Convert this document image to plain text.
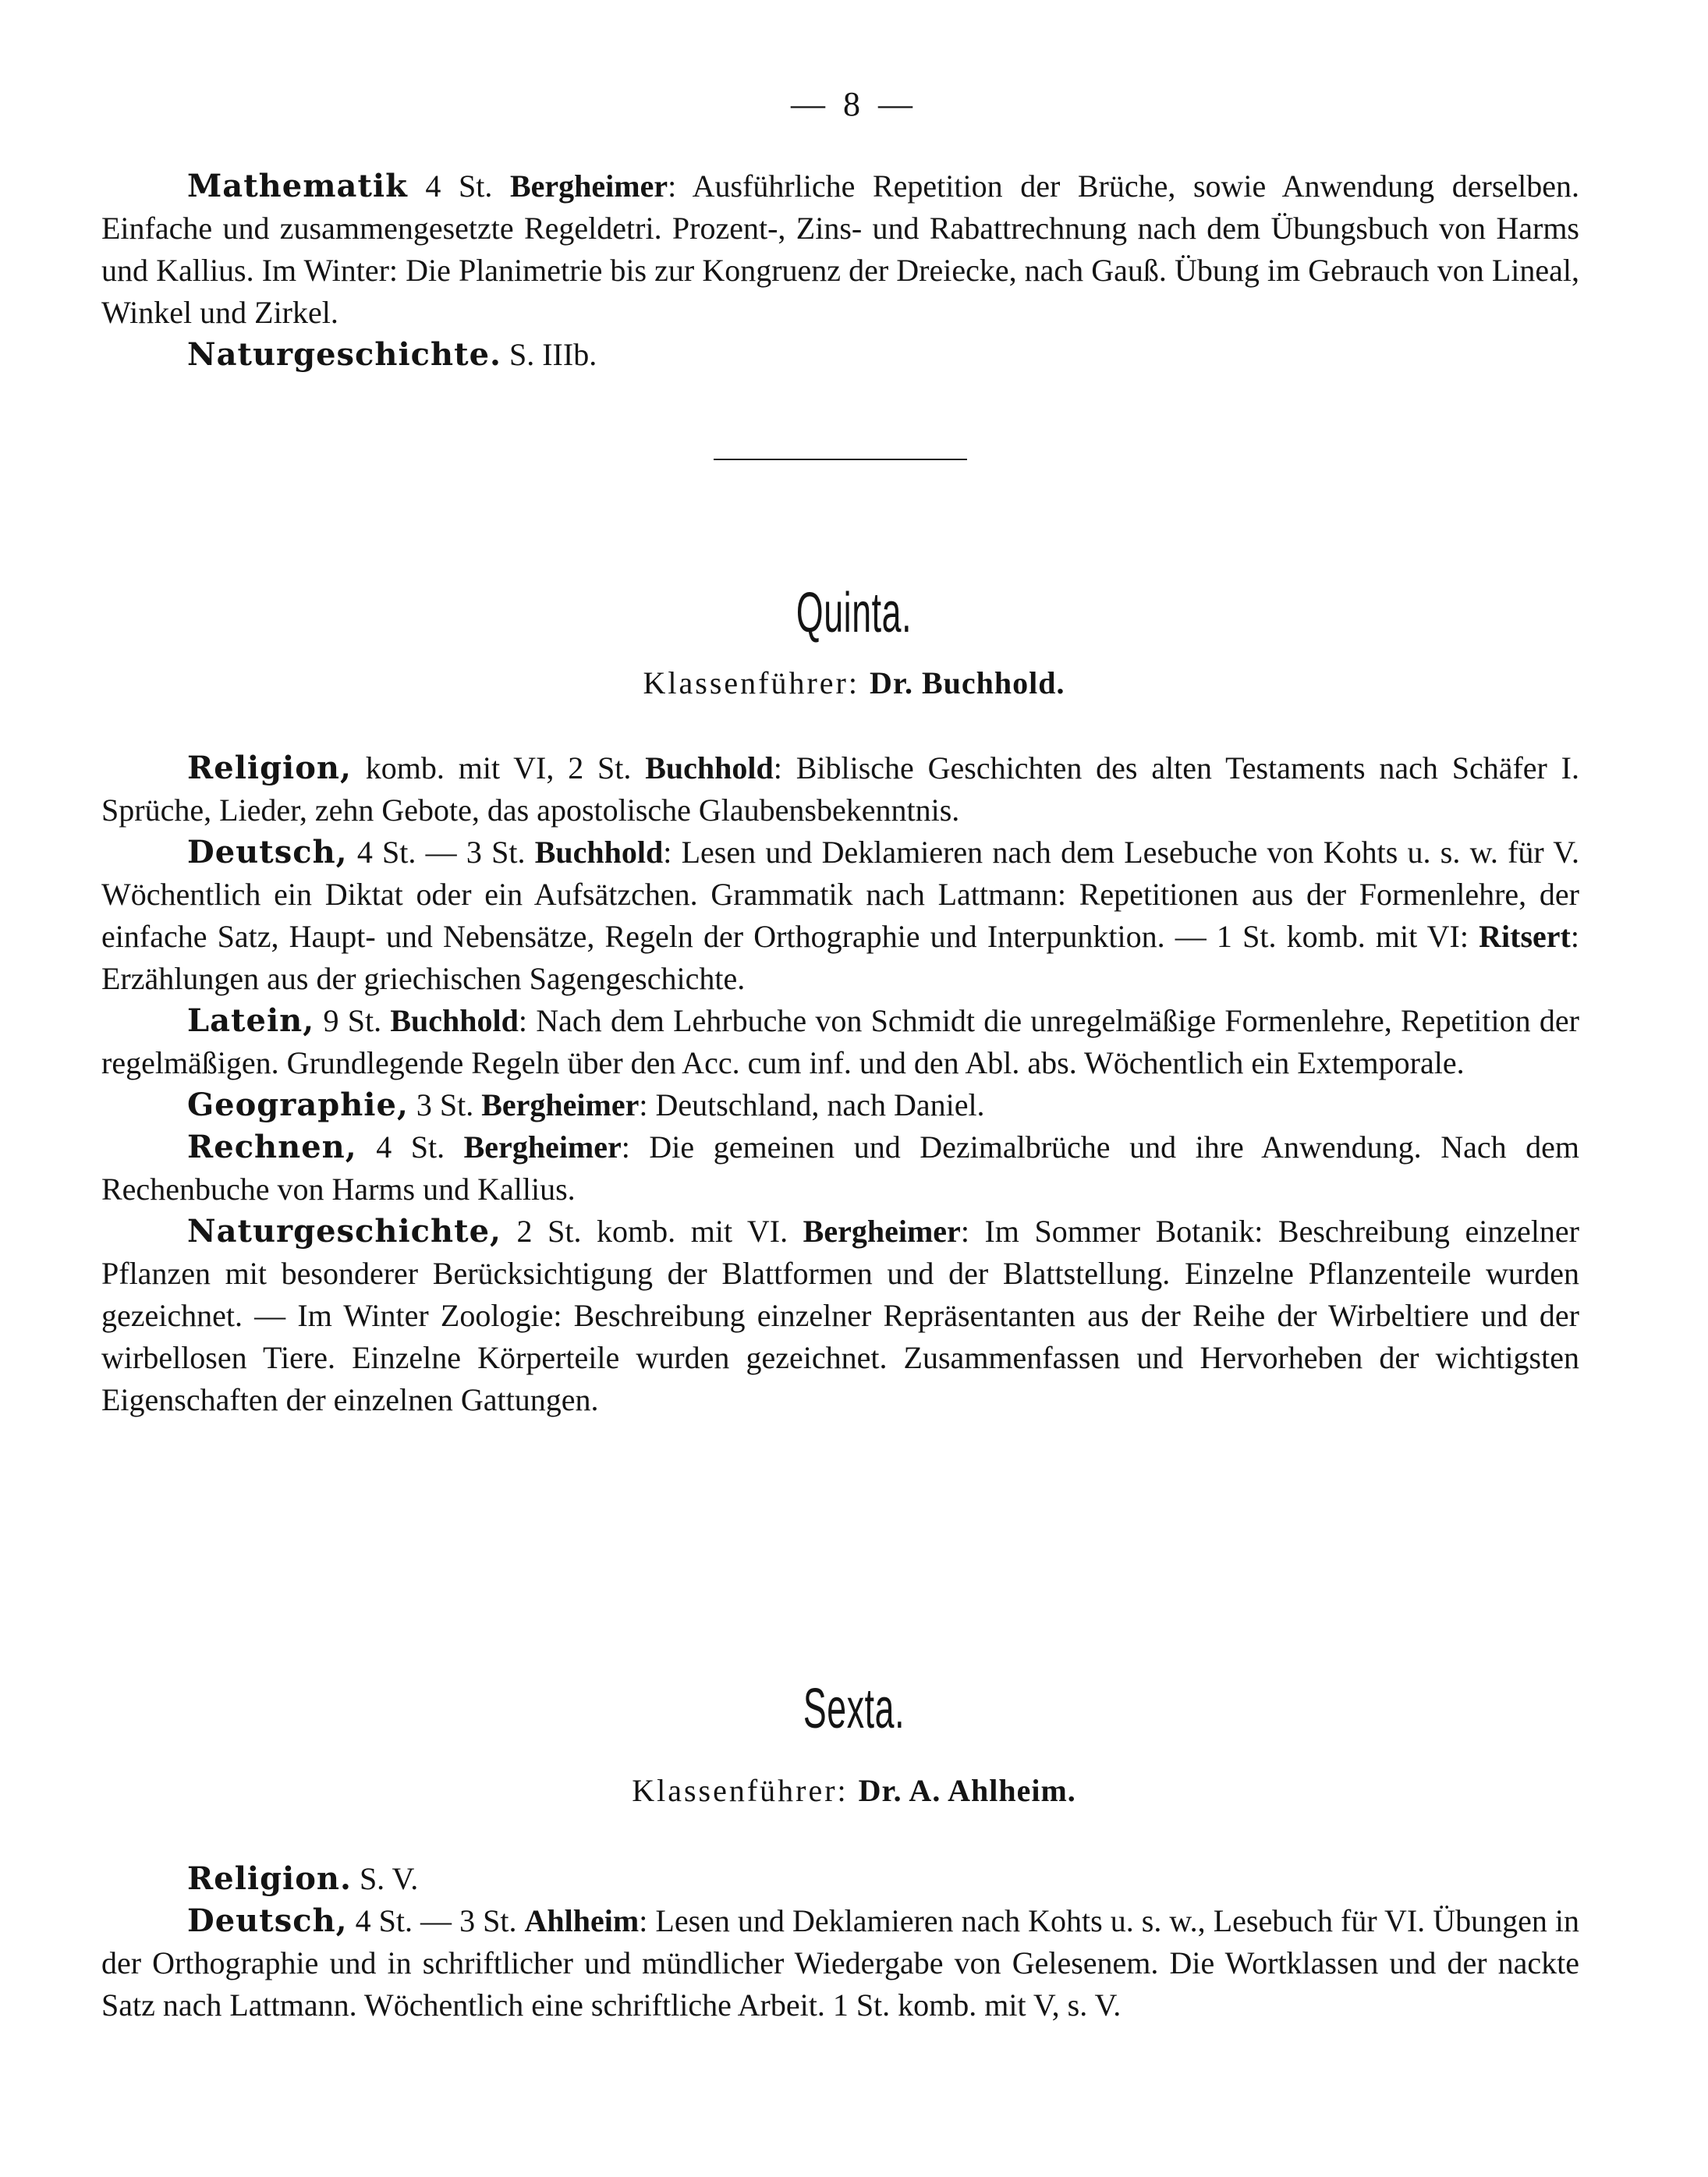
— 8 —

Mathematik 4 St. Bergheimer: Ausführliche Repetition der Brüche, sowie Anwendung derselben. Einfache und zusammengesetzte Regeldetri. Prozent-, Zins- und Rabattrechnung nach dem Übungsbuch von Harms und Kallius. Im Winter: Die Planimetrie bis zur Kongruenz der Dreiecke, nach Gauß. Übung im Gebrauch von Lineal, Winkel und Zirkel.

Naturgeschichte. S. IIIb.

Quinta.
Klassenführer: Dr. Buchhold.

Religion, komb. mit VI, 2 St. Buchhold: Biblische Geschichten des alten Testaments nach Schäfer I. Sprüche, Lieder, zehn Gebote, das apostolische Glaubensbekenntnis.

Deutsch, 4 St. — 3 St. Buchhold: Lesen und Deklamieren nach dem Lesebuche von Kohts u. s. w. für V. Wöchentlich ein Diktat oder ein Aufsätzchen. Grammatik nach Lattmann: Repetitionen aus der Formenlehre, der einfache Satz, Haupt- und Nebensätze, Regeln der Orthographie und Interpunktion. — 1 St. komb. mit VI: Ritsert: Erzählungen aus der griechischen Sagengeschichte.

Latein, 9 St. Buchhold: Nach dem Lehrbuche von Schmidt die unregelmäßige Formenlehre, Repetition der regelmäßigen. Grundlegende Regeln über den Acc. cum inf. und den Abl. abs. Wöchentlich ein Extemporale.

Geographie, 3 St. Bergheimer: Deutschland, nach Daniel.

Rechnen, 4 St. Bergheimer: Die gemeinen und Dezimalbrüche und ihre Anwendung. Nach dem Rechenbuche von Harms und Kallius.

Naturgeschichte, 2 St. komb. mit VI. Bergheimer: Im Sommer Botanik: Beschreibung einzelner Pflanzen mit besonderer Berücksichtigung der Blattformen und der Blattstellung. Einzelne Pflanzenteile wurden gezeichnet. — Im Winter Zoologie: Beschreibung einzelner Repräsentanten aus der Reihe der Wirbeltiere und der wirbellosen Tiere. Einzelne Körperteile wurden gezeichnet. Zusammenfassen und Hervorheben der wichtigsten Eigenschaften der einzelnen Gattungen.

Sexta.
Klassenführer: Dr. A. Ahlheim.

Religion. S. V.

Deutsch, 4 St. — 3 St. Ahlheim: Lesen und Deklamieren nach Kohts u. s. w., Lesebuch für VI. Übungen in der Orthographie und in schriftlicher und mündlicher Wiedergabe von Gelesenem. Die Wortklassen und der nackte Satz nach Lattmann. Wöchentlich eine schriftliche Arbeit. 1 St. komb. mit V, s. V.
